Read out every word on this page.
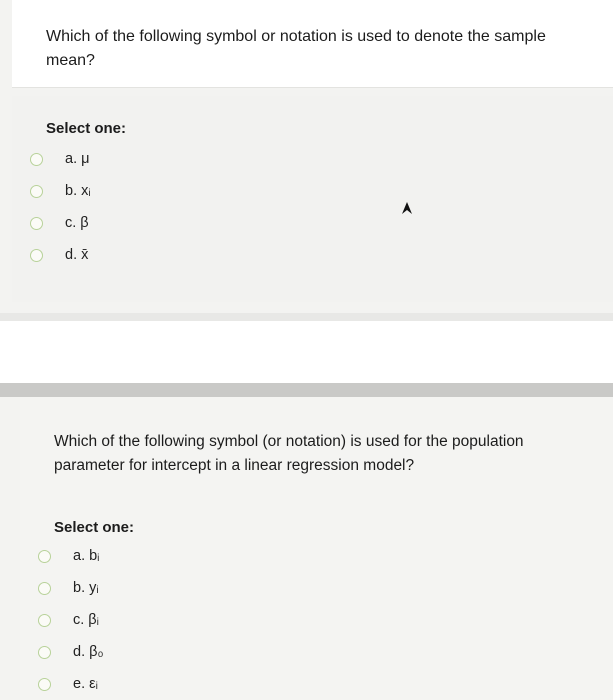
Which of the following symbol or notation is used to denote the sample mean?
Select one:
a. μ
b. xᵢ
c. β
d. x̄
Which of the following symbol (or notation) is used for the population parameter for intercept in a linear regression model?
Select one:
a. bᵢ
b. yᵢ
c. βᵢ
d. β₀
e. εᵢ
